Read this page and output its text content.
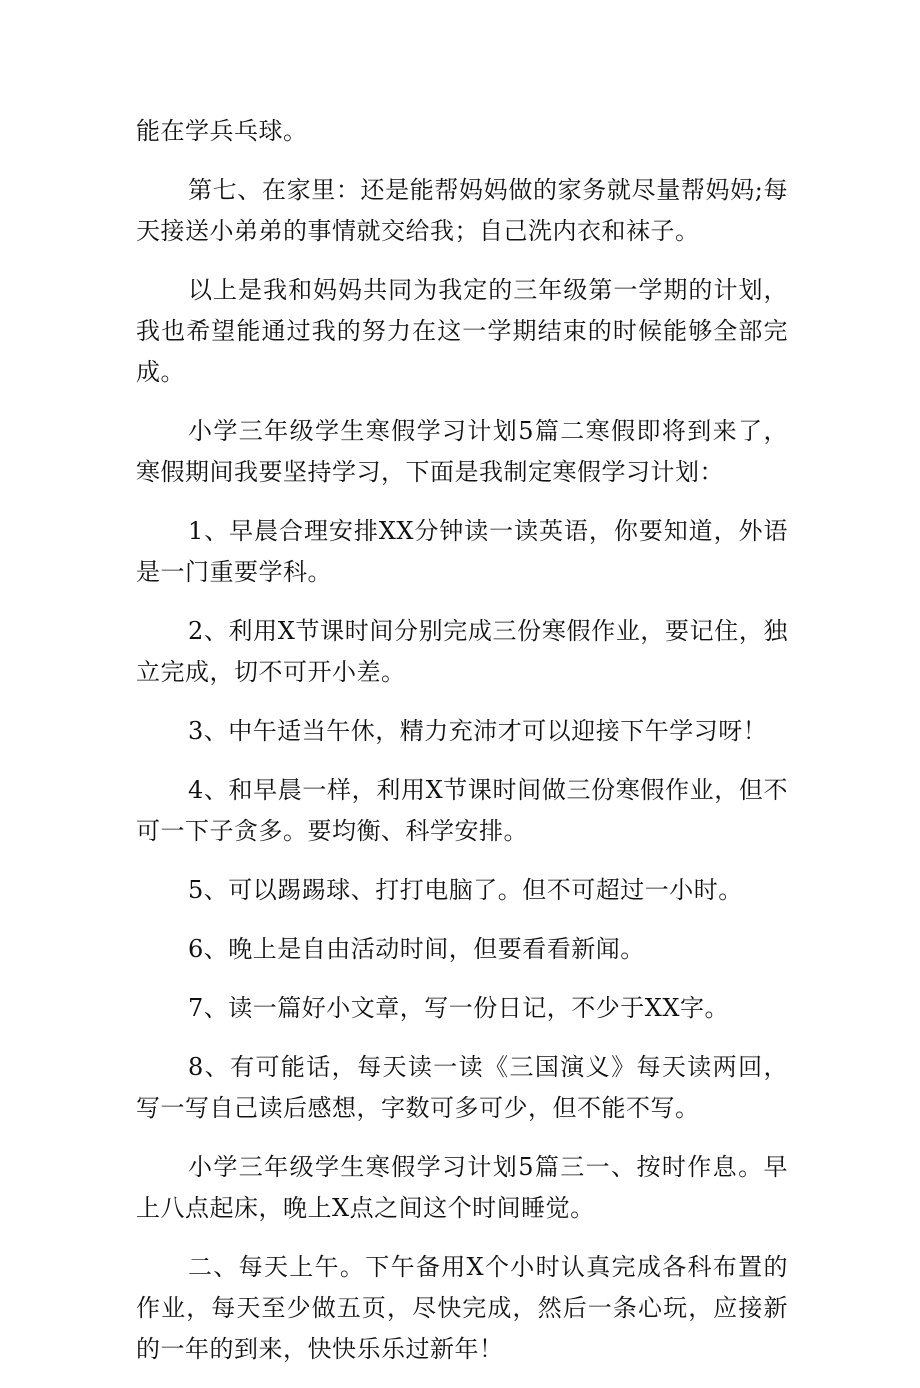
能在学兵乓球。

第七、在家里：还是能帮妈妈做的家务就尽量帮妈妈;每天接送小弟弟的事情就交给我；自己洗内衣和袜子。

以上是我和妈妈共同为我定的三年级第一学期的计划，我也希望能通过我的努力在这一学期结束的时候能够全部完成。

小学三年级学生寒假学习计划5篇二寒假即将到来了，寒假期间我要坚持学习，下面是我制定寒假学习计划：

1、早晨合理安排XX分钟读一读英语，你要知道，外语是一门重要学科。

2、利用X节课时间分别完成三份寒假作业，要记住，独立完成，切不可开小差。

3、中午适当午休，精力充沛才可以迎接下午学习呀！

4、和早晨一样，利用X节课时间做三份寒假作业，但不可一下子贪多。要均衡、科学安排。

5、可以踢踢球、打打电脑了。但不可超过一小时。

6、晚上是自由活动时间，但要看看新闻。

7、读一篇好小文章，写一份日记，不少于XX字。

8、有可能话，每天读一读《三国演义》每天读两回，写一写自己读后感想，字数可多可少，但不能不写。

小学三年级学生寒假学习计划5篇三一、按时作息。早上八点起床，晚上X点之间这个时间睡觉。

二、每天上午。下午备用X个小时认真完成各科布置的作业，每天至少做五页，尽快完成，然后一条心玩，应接新的一年的到来，快快乐乐过新年！
